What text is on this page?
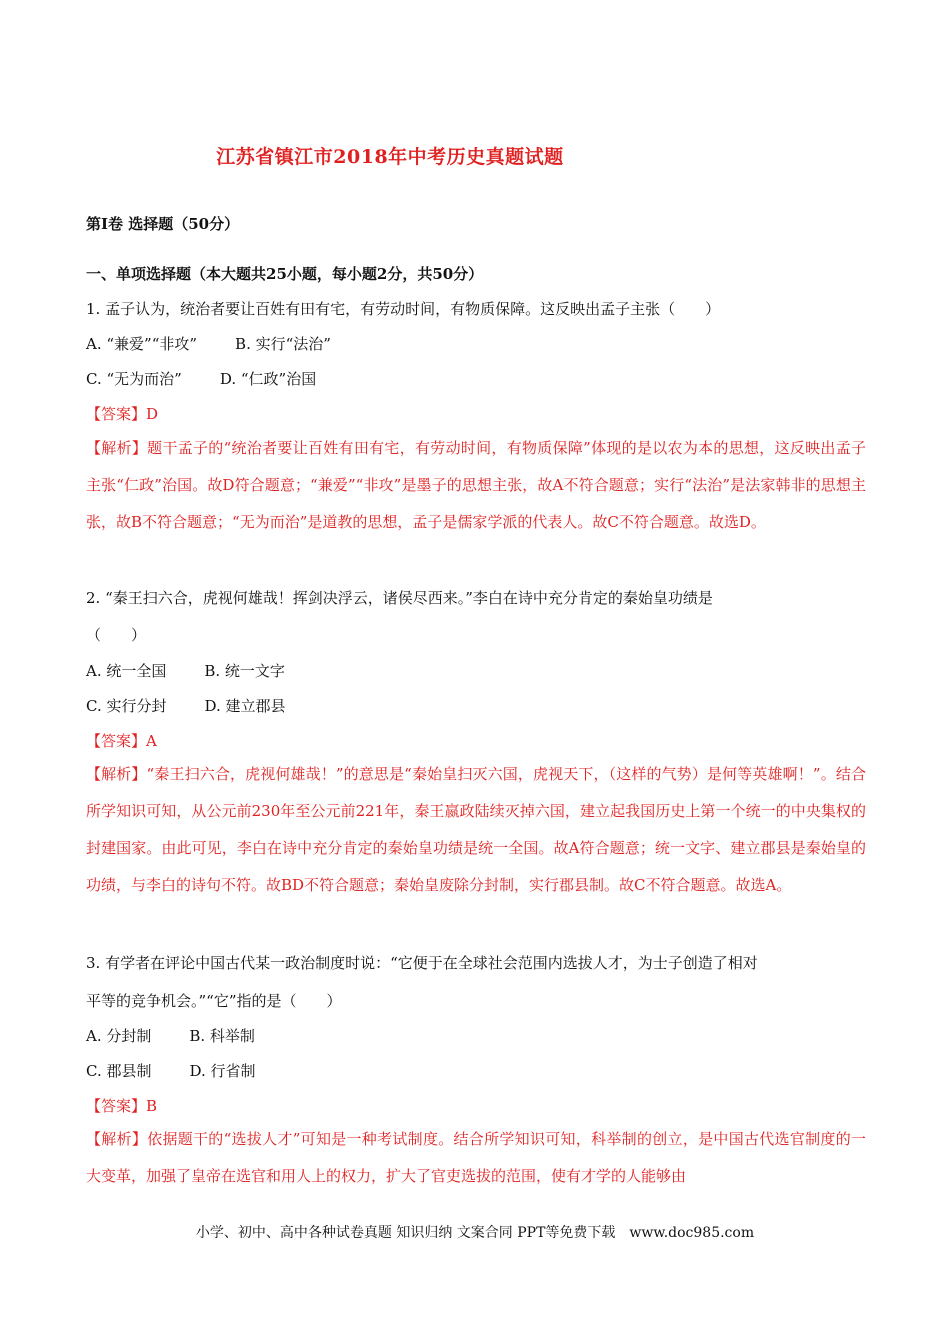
江苏省镇江市2018年中考历史真题试题
第I卷 选择题（50分）
一、单项选择题（本大题共25小题，每小题2分，共50分）
1. 孟子认为，统治者要让百姓有田有宅，有劳动时间，有物质保障。这反映出孟子主张（　　）
A. “兼爱”“非攻”	B. 实行“法治”
C. “无为而治”	D. “仁政”治国
【答案】D
【解析】题干孟子的“统治者要让百姓有田有宅，有劳动时间，有物质保障”体现的是以农为本的思想，这反映出孟子主张“仁政”治国。故D符合题意；“兼爱”“非攻”是墨子的思想主张，故A不符合题意；实行“法治”是法家韩非的思想主张，故B不符合题意；“无为而治”是道教的思想，孟子是儒家学派的代表人。故C不符合题意。故选D。
2. “秦王扫六合，虎视何雄哉！挥剑决浮云，诸侯尽西来。”李白在诗中充分肯定的秦始皇功绩是
（　　）
A. 统一全国	B. 统一文字
C. 实行分封	D. 建立郡县
【答案】A
【解析】“秦王扫六合，虎视何雄哉！”的意思是“秦始皇扫灭六国，虎视天下，（这样的气势）是何等英雄啊！”。结合所学知识可知，从公元前230年至公元前221年，秦王嬴政陆续灭掉六国，建立起我国历史上第一个统一的中央集权的封建国家。由此可见，李白在诗中充分肯定的秦始皇功绩是统一全国。故A符合题意；统一文字、建立郡县是秦始皇的功绩，与李白的诗句不符。故BD不符合题意；秦始皇废除分封制，实行郡县制。故C不符合题意。故选A。
3. 有学者在评论中国古代某一政治制度时说：“它便于在全球社会范围内选拔人才，为士子创造了相对
平等的竞争机会。”“它”指的是（　　）
A. 分封制	B. 科举制
C. 郡县制	D. 行省制
【答案】B
【解析】依据题干的“选拔人才”可知是一种考试制度。结合所学知识可知，科举制的创立，是中国古代选官制度的一大变革，加强了皇帝在选官和用人上的权力，扩大了官吏选拔的范围，使有才学的人能够由
小学、初中、高中各种试卷真题 知识归纳 文案合同 PPT等免费下载　www.doc985.com
